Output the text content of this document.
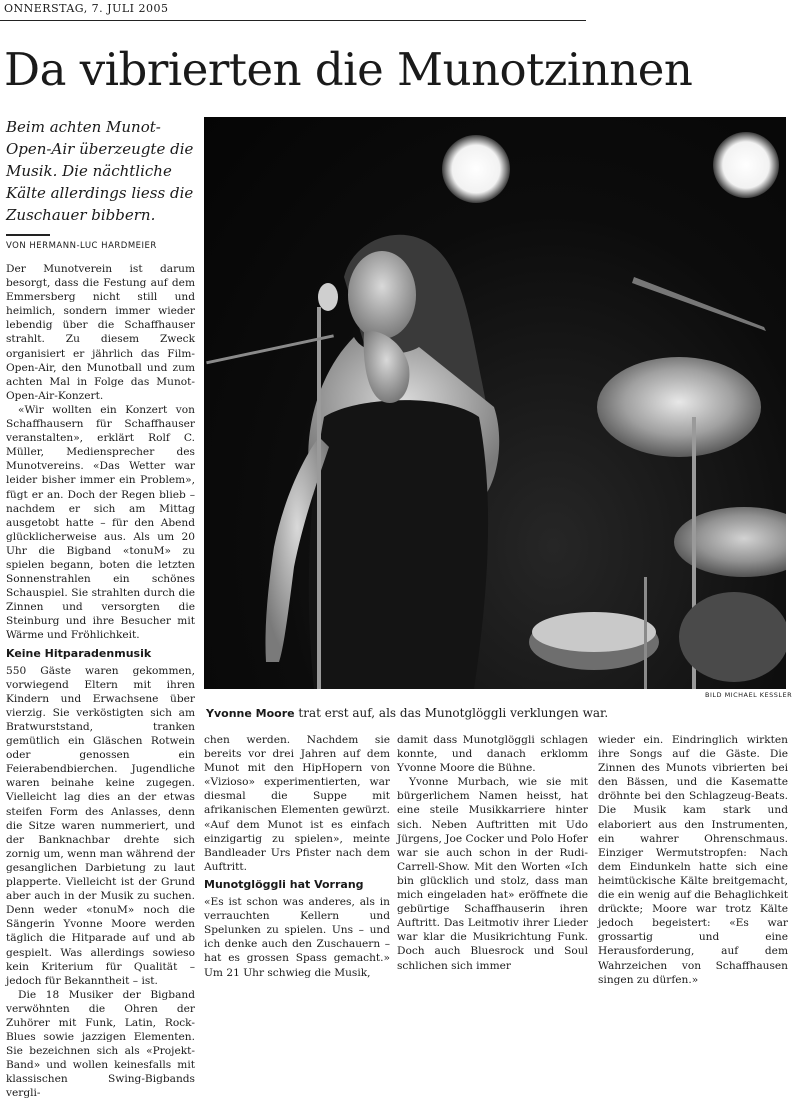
ONNERSTAG, 7. JULI 2005
Da vibrierten die Munotzinnen

Beim achten Munot-Open-Air überzeugte die Musik. Die nächtliche Kälte allerdings liess die Zuschauer bibbern.

VON HERMANN-LUC HARDMEIER

Der Munotverein ist darum besorgt, dass die Festung auf dem Emmersberg nicht still und heimlich, sondern immer wieder lebendig über die Schaffhauser strahlt. Zu diesem Zweck organisiert er jährlich das Film-Open-Air, den Munotball und zum achten Mal in Folge das Munot-Open-Air-Konzert.

«Wir wollten ein Konzert von Schaffhausern für Schaffhauser veranstalten», erklärt Rolf C. Müller, Mediensprecher des Munotvereins. «Das Wetter war leider bisher immer ein Problem», fügt er an. Doch der Regen blieb – nachdem er sich am Mittag ausgetobt hatte – für den Abend glücklicherweise aus. Als um 20 Uhr die Bigband «tonuM» zu spielen begann, boten die letzten Sonnenstrahlen ein schönes Schauspiel. Sie strahlten durch die Zinnen und versorgten die Steinburg und ihre Besucher mit Wärme und Fröhlichkeit.

Keine Hitparadenmusik

550 Gäste waren gekommen, vorwiegend Eltern mit ihren Kindern und Erwachsene über vierzig. Sie verköstigten sich am Bratwurststand, tranken gemütlich ein Gläschen Rotwein oder genossen ein Feierabendbierchen. Jugendliche waren beinahe keine zugegen. Vielleicht lag dies an der etwas steifen Form des Anlasses, denn die Sitze waren nummeriert, und der Banknachbar drehte sich zornig um, wenn man während der gesanglichen Darbietung zu laut plapperte. Vielleicht ist der Grund aber auch in der Musik zu suchen. Denn weder «tonuM» noch die Sängerin Yvonne Moore werden täglich die Hitparade auf und ab gespielt. Was allerdings sowieso kein Kriterium für Qualität – jedoch für Bekanntheit – ist.

Die 18 Musiker der Bigband verwöhnten die Ohren der Zuhörer mit Funk, Latin, Rock-Blues sowie jazzigen Elementen. Sie bezeichnen sich als «Projekt-Band» und wollen keinesfalls mit klassischen Swing-Bigbands vergli-

BILD MICHAEL KESSLER
Yvonne Moore trat erst auf, als das Munotglöggli verklungen war.

chen werden. Nachdem sie bereits vor drei Jahren auf dem Munot mit den HipHopern von «Vizioso» experimentierten, war diesmal die Suppe mit afrikanischen Elementen gewürzt. «Auf dem Munot ist es einfach einzigartig zu spielen», meinte Bandleader Urs Pfister nach dem Auftritt.

Munotglöggli hat Vorrang

«Es ist schon was anderes, als in verrauchten Kellern und Spelunken zu spielen. Uns – und ich denke auch den Zuschauern – hat es grossen Spass gemacht.» Um 21 Uhr schwieg die Musik,

damit dass Munotglöggli schlagen konnte, und danach erklomm Yvonne Moore die Bühne.

Yvonne Murbach, wie sie mit bürgerlichem Namen heisst, hat eine steile Musikkarriere hinter sich. Neben Auftritten mit Udo Jürgens, Joe Cocker und Polo Hofer war sie auch schon in der Rudi-Carrell-Show. Mit den Worten «Ich bin glücklich und stolz, dass man mich eingeladen hat» eröffnete die gebürtige Schaffhauserin ihren Auftritt. Das Leitmotiv ihrer Lieder war klar die Musikrichtung Funk. Doch auch Bluesrock und Soul schlichen sich immer

wieder ein. Eindringlich wirkten ihre Songs auf die Gäste. Die Zinnen des Munots vibrierten bei den Bässen, und die Kasematte dröhnte bei den Schlagzeug-Beats. Die Musik kam stark und elaboriert aus den Instrumenten, ein wahrer Ohrenschmaus. Einziger Wermutstropfen: Nach dem Eindunkeln hatte sich eine heimtückische Kälte breitgemacht, die ein wenig auf die Behaglichkeit drückte; Moore war trotz Kälte jedoch begeistert: «Es war grossartig und eine Herausforderung, auf dem Wahrzeichen von Schaffhausen singen zu dürfen.»
